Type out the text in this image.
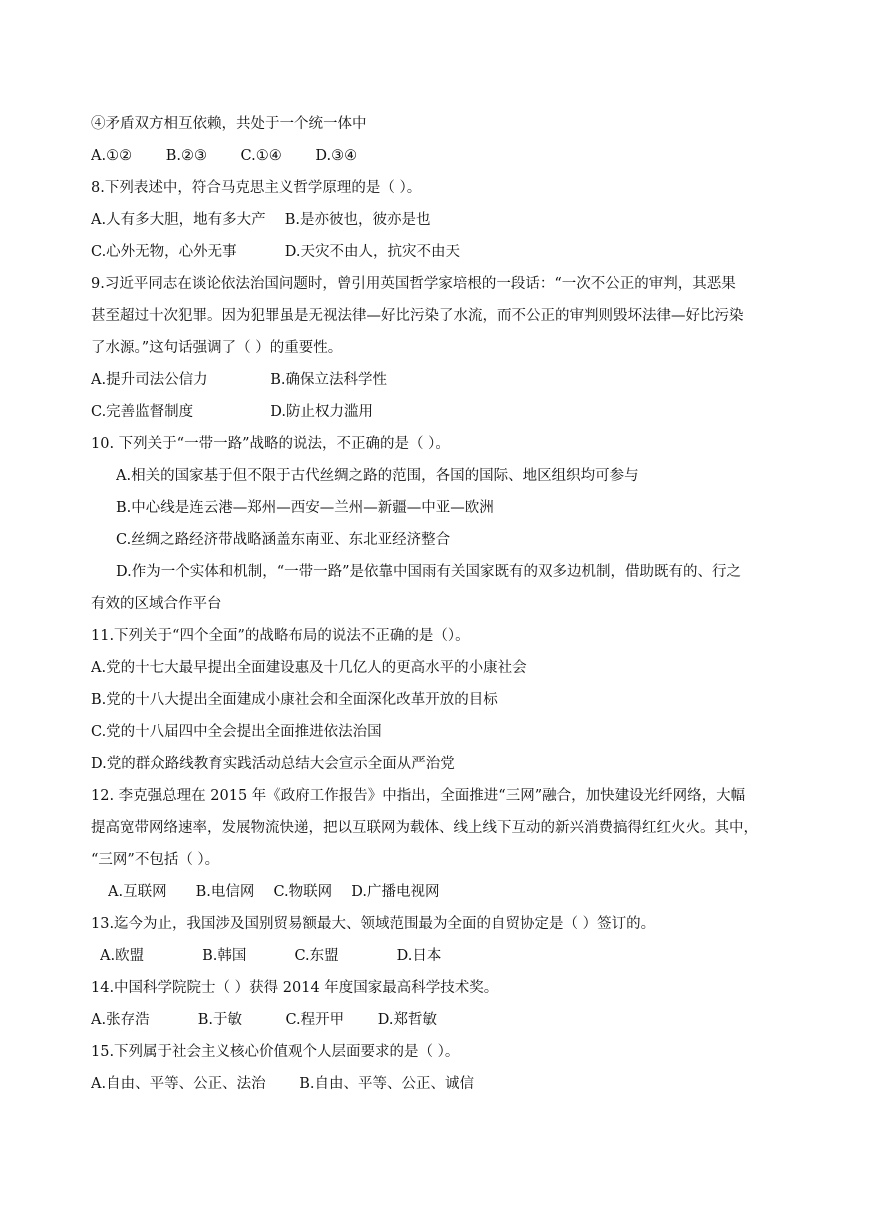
④矛盾双方相互依赖，共处于一个统一体中
A.①②　　 B.②③　　 C.①④　　 D.③④
8.下列表述中，符合马克思主义哲学原理的是（ ）。
A.人有多大胆，地有多大产　 B.是亦彼也，彼亦是也
C.心外无物，心外无事　　　 D.天灾不由人，抗灾不由天
9.习近平同志在谈论依法治国问题时，曾引用英国哲学家培根的一段话：“一次不公正的审判，其恶果
甚至超过十次犯罪。因为犯罪虽是无视法律—好比污染了水流，而不公正的审判则毁坏法律—好比污染
了水源。”这句话强调了（ ）的重要性。
A.提升司法公信力　　　　 B.确保立法科学性
C.完善监督制度　　　　　 D.防止权力滥用
10. 下列关于“一带一路”战略的说法，不正确的是（ ）。
A.相关的国家基于但不限于古代丝绸之路的范围，各国的国际、地区组织均可参与
B.中心线是连云港—郑州—西安—兰州—新疆—中亚—欧洲
C.丝绸之路经济带战略涵盖东南亚、东北亚经济整合
D.作为一个实体和机制，“一带一路”是依靠中国雨有关国家既有的双多边机制，借助既有的、行之
有效的区域合作平台
11.下列关于“四个全面”的战略布局的说法不正确的是（）。
A.党的十七大最早提出全面建设惠及十几亿人的更高水平的小康社会
B.党的十八大提出全面建成小康社会和全面深化改革开放的目标
C.党的十八届四中全会提出全面推进依法治国
D.党的群众路线教育实践活动总结大会宣示全面从严治党
12. 李克强总理在 2015 年《政府工作报告》中指出，全面推进“三网”融合，加快建设光纤网络，大幅
提高宽带网络速率，发展物流快递，把以互联网为载体、线上线下互动的新兴消费搞得红红火火。其中，
“三网”不包括（ ）。
A.互联网　　B.电信网　 C.物联网　 D.广播电视网
13.迄今为止，我国涉及国别贸易额最大、领域范围最为全面的自贸协定是（ ）签订的。
A.欧盟　　　　B.韩国　　　 C.东盟　　　　D.日本
14.中国科学院院士（ ）获得 2014 年度国家最高科学技术奖。
A.张存浩　　　 B.于敏　　　C.程开甲　　 D.郑哲敏
15.下列属于社会主义核心价值观个人层面要求的是（ ）。
A.自由、平等、公正、法治　　 B.自由、平等、公正、诚信
